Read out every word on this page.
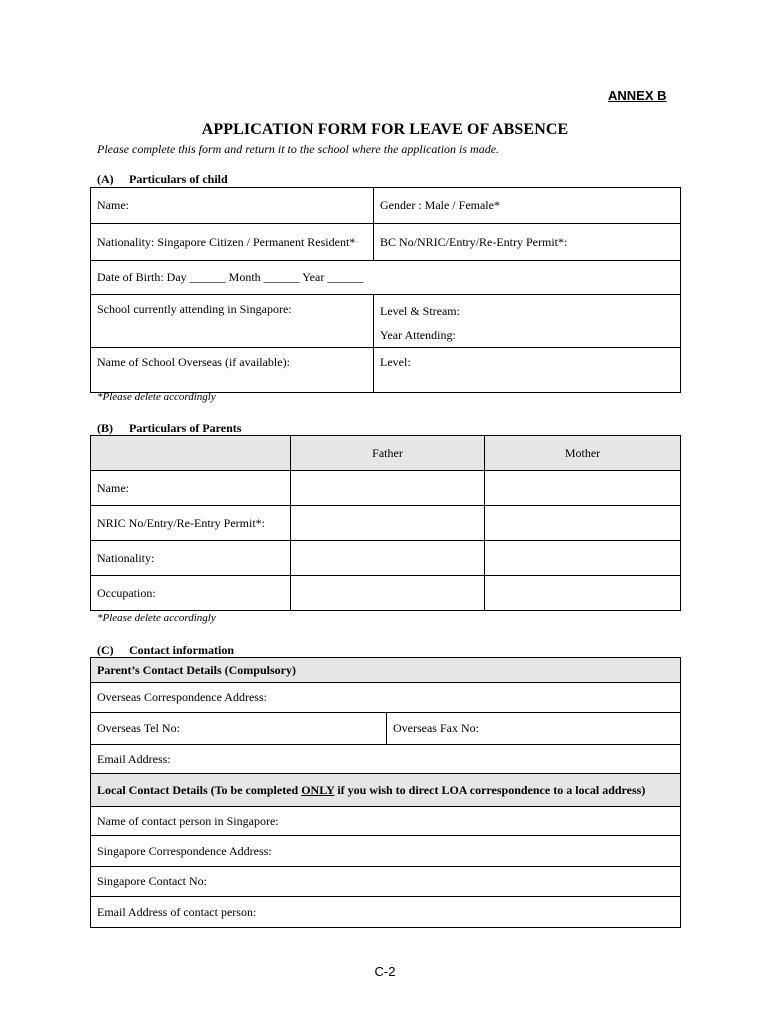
ANNEX B
APPLICATION FORM FOR LEAVE OF ABSENCE
Please complete this form and return it to the school where the application is made.
(A) Particulars of child
Name:	Gender : Male / Female*
Nationality: Singapore Citizen / Permanent Resident*	BC No/NRIC/Entry/Re-Entry Permit*:
Date of Birth: Day ______ Month ______ Year ______	
School currently attending in Singapore:	Level & Stream:
Year Attending:

Name of School Overseas (if available):	Level:
*Please delete accordingly
(B) Particulars of Parents
	Father	Mother
Name:		
NRIC No/Entry/Re-Entry Permit*:		
Nationality:		
Occupation:		
*Please delete accordingly
(C) Contact information
Parent’s Contact Details (Compulsory)
Overseas Correspondence Address:
Overseas Tel No:	Overseas Fax No:
Email Address:
Local Contact Details (To be completed ONLY if you wish to direct LOA correspondence to a local address)
Name of contact person in Singapore:
Singapore Correspondence Address:
Singapore Contact No:
Email Address of contact person:
C-2
